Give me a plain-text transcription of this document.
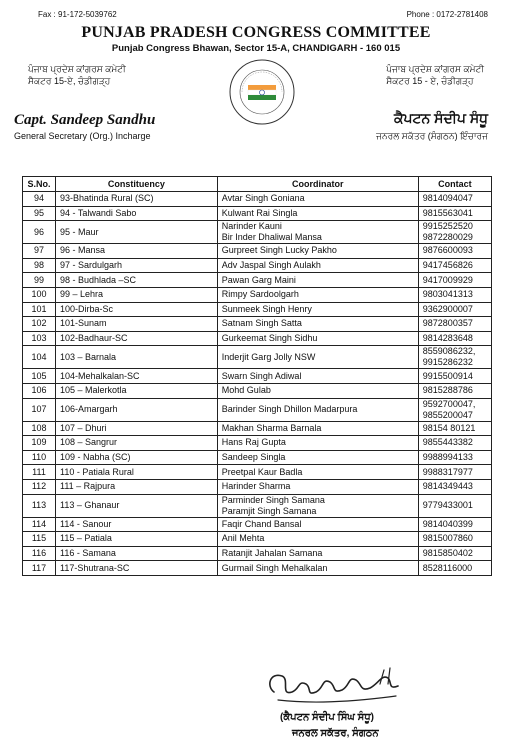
Fax : 91-172-5039762	Phone : 0172-2781408
PUNJAB PRADESH CONGRESS COMMITTEE
Punjab Congress Bhawan, Sector 15-A, CHANDIGARH - 160 015
ਪੰਜਾਬ ਪ੍ਰਦੇਸ਼ ਕਾਂਗਰਸ ਕਮੇਟੀ
ਸੈਕਟਰ 15-ਏ, ਚੰਡੀਗੜ੍ਹ
ਪੰਜਾਬ ਪ੍ਰਦੇਸ਼ ਕਾਂਗਰਸ ਕਮੇਟੀ
ਸੈਕਟਰ 15 - ਏ, ਚੰਡੀਗੜ੍ਹ
Capt. Sandeep Sandhu
General Secretary (Org.) Incharge
ਕੈਪਟਨ ਸੰਦੀਪ ਸੰਧੂ
ਜਨਰਲ ਸਕੱਤਰ (ਸੰਗਠਨ) ਇੰਚਾਰਜ
S.No.	Constituency	Coordinator	Contact

94	93-Bhatinda Rural (SC)	Avtar Singh Goniana	9814094047

95	94 - Talwandi Sabo	Kulwant Rai Singla	9815563041

96	95 - Maur	Narinder Kauni
Bir Inder Dhaliwal Mansa	9915252520
9872280029

97	96 - Mansa	Gurpreet Singh Lucky Pakho	9876600093

98	97 - Sardulgarh	Adv Jaspal Singh Aulakh	9417456826

99	98 - Budhlada –SC	Pawan Garg Maini	9417009929

100	99 – Lehra	Rimpy Sardoolgarh	9803041313

101	100-Dirba-Sc	Sunmeek Singh Henry	9362900007

102	101-Sunam	Satnam Singh Satta	9872800357

103	102-Badhaur-SC	Gurkeemat Singh Sidhu	9814283648

104	103 – Barnala	Inderjit Garg Jolly NSW	8559086232,
9915286232

105	104-Mehalkalan-SC	Swarn Singh Adiwal	9915500914

106	105 – Malerkotla	Mohd Gulab	9815288786

107	106-Amargarh	Barinder Singh Dhillon Madarpura	9592700047,
9855200047

108	107 – Dhuri	Makhan Sharma Barnala	98154 80121

109	108 – Sangrur	Hans Raj Gupta	9855443382

110	109 - Nabha (SC)	Sandeep Singla	9988994133

111	110 - Patiala Rural	Preetpal Kaur Badla	9988317977

112	111 – Rajpura	Harinder Sharma	9814349443

113	113 – Ghanaur	Parminder Singh Samana
Paramjit Singh Samana	9779433001

114	114 - Sanour	Faqir Chand Bansal	9814040399

115	115 – Patiala	Anil Mehta	9815007860

116	116 - Samana	Ratanjit Jahalan Samana	9815850402

117	117-Shutrana-SC	Gurmail Singh Mehalkalan	8528116000
(ਕੈਪਟਨ ਸੰਦੀਪ ਸਿੰਘ ਸੰਧੂ)
ਜਨਰਲ ਸਕੱਤਰ, ਸੰਗਠਨ
